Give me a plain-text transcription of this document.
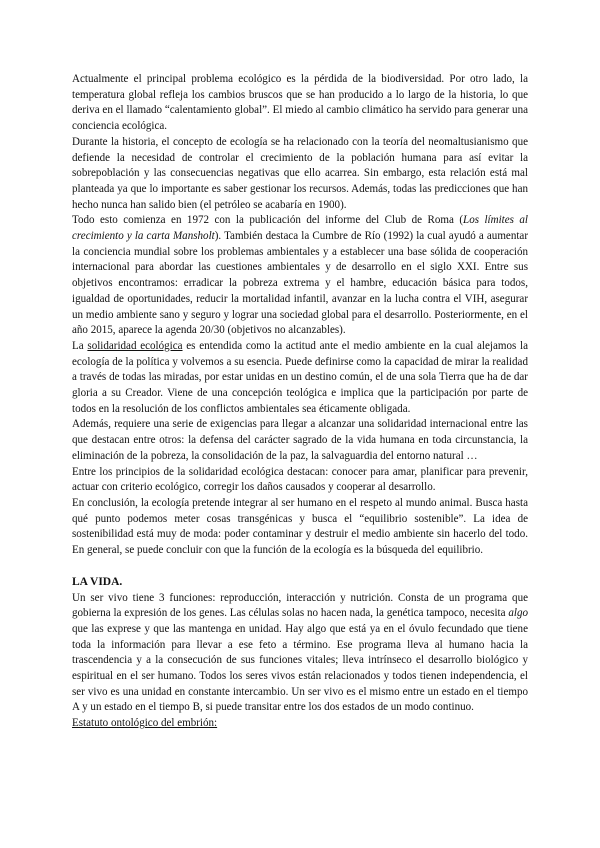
Actualmente el principal problema ecológico es la pérdida de la biodiversidad. Por otro lado, la temperatura global refleja los cambios bruscos que se han producido a lo largo de la historia, lo que deriva en el llamado “calentamiento global”. El miedo al cambio climático ha servido para generar una conciencia ecológica.

Durante la historia, el concepto de ecología se ha relacionado con la teoría del neomaltusianismo que defiende la necesidad de controlar el crecimiento de la población humana para así evitar la sobrepoblación y las consecuencias negativas que ello acarrea. Sin embargo, esta relación está mal planteada ya que lo importante es saber gestionar los recursos. Además, todas las predicciones que han hecho nunca han salido bien (el petróleo se acabaría en 1900).

Todo esto comienza en 1972 con la publicación del informe del Club de Roma (Los límites al crecimiento y la carta Mansholt). También destaca la Cumbre de Río (1992) la cual ayudó a aumentar la conciencia mundial sobre los problemas ambientales y a establecer una base sólida de cooperación internacional para abordar las cuestiones ambientales y de desarrollo en el siglo XXI. Entre sus objetivos encontramos: erradicar la pobreza extrema y el hambre, educación básica para todos, igualdad de oportunidades, reducir la mortalidad infantil, avanzar en la lucha contra el VIH, asegurar un medio ambiente sano y seguro y lograr una sociedad global para el desarrollo. Posteriormente, en el año 2015, aparece la agenda 20/30 (objetivos no alcanzables).

La solidaridad ecológica es entendida como la actitud ante el medio ambiente en la cual alejamos la ecología de la política y volvemos a su esencia. Puede definirse como la capacidad de mirar la realidad a través de todas las miradas, por estar unidas en un destino común, el de una sola Tierra que ha de dar gloria a su Creador. Viene de una concepción teológica e implica que la participación por parte de todos en la resolución de los conflictos ambientales sea éticamente obligada.

Además, requiere una serie de exigencias para llegar a alcanzar una solidaridad internacional entre las que destacan entre otros: la defensa del carácter sagrado de la vida humana en toda circunstancia, la eliminación de la pobreza, la consolidación de la paz, la salvaguardia del entorno natural …

Entre los principios de la solidaridad ecológica destacan: conocer para amar, planificar para prevenir, actuar con criterio ecológico, corregir los daños causados y cooperar al desarrollo.

En conclusión, la ecología pretende integrar al ser humano en el respeto al mundo animal. Busca hasta qué punto podemos meter cosas transgénicas y busca el “equilibrio sostenible”. La idea de sostenibilidad está muy de moda: poder contaminar y destruir el medio ambiente sin hacerlo del todo. En general, se puede concluir con que la función de la ecología es la búsqueda del equilibrio.

LA VIDA.

Un ser vivo tiene 3 funciones: reproducción, interacción y nutrición. Consta de un programa que gobierna la expresión de los genes. Las células solas no hacen nada, la genética tampoco, necesita algo que las exprese y que las mantenga en unidad. Hay algo que está ya en el óvulo fecundado que tiene toda la información para llevar a ese feto a término. Ese programa lleva al humano hacia la trascendencia y a la consecución de sus funciones vitales; lleva intrínseco el desarrollo biológico y espiritual en el ser humano. Todos los seres vivos están relacionados y todos tienen independencia, el ser vivo es una unidad en constante intercambio. Un ser vivo es el mismo entre un estado en el tiempo A y un estado en el tiempo B, si puede transitar entre los dos estados de un modo continuo.

Estatuto ontológico del embrión:
